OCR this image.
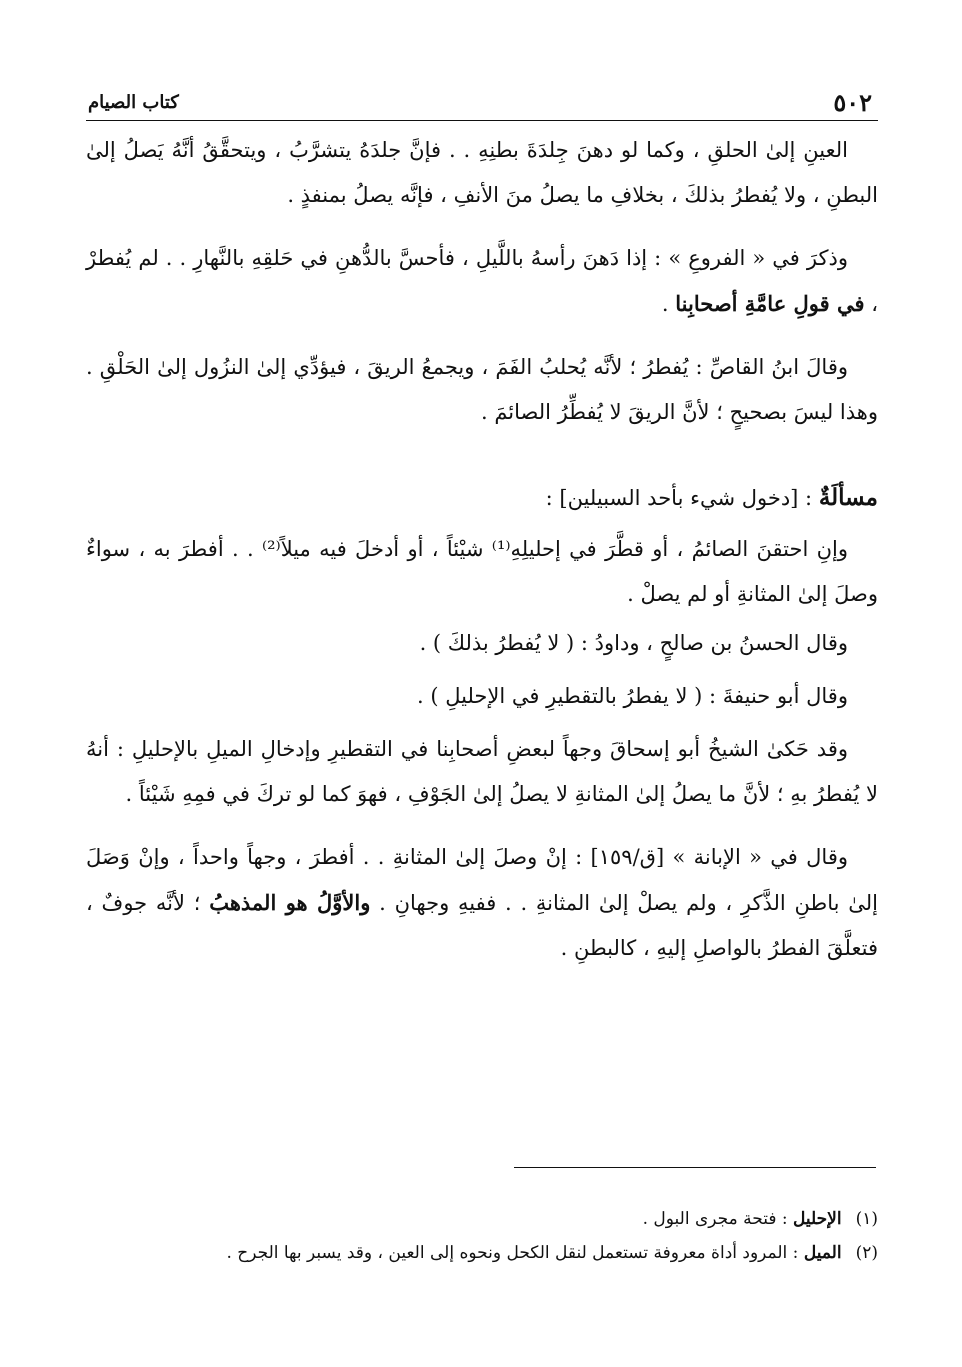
٥٠٢
كتاب الصيام

العينِ إلىٰ الحلقِ ، وكما لو دهنَ جِلدَةَ بطنِهِ . . فإنَّ جلدَهُ يتشرَّبُ ، ويتحقَّقُ أنَّهُ يَصلُ إلىٰ البطنِ ، ولا يُفطرُ بذلكَ ، بخلافِ ما يصلُ منَ الأنفِ ، فإنَّه يصلُ بمنفذٍ .

وذكرَ في « الفروعِ » : إذا دَهنَ رأسهُ باللَّيلِ ، فأحسَّ بالدُّهنِ في حَلقِهِ بالنَّهارِ . . لم يُفطرْ ، في قولِ عامَّةِ أصحابِنا .

وقالَ ابنُ القاصِّ : يُفطرُ ؛ لأنَّه يُحلبُ الفَمَ ، ويجمعُ الريقَ ، فيؤدِّي إلىٰ النزُول إلىٰ الحَلْقِ . وهذا ليسَ بصحيحٍ ؛ لأنَّ الريقَ لا يُفطِّرُ الصائمَ .

مسألَةٌ : [دخول شيء بأحد السبيلين] :

وإنِ احتقنَ الصائمُ ، أو قطَّرَ في إحليلِهِ⁽¹⁾ شيْئاً ، أو أدخلَ فيه ميلاً⁽²⁾ . . أفطرَ به ، سواءٌ وصلَ إلىٰ المثانةِ أو لم يصلْ .

وقال الحسنُ بن صالحٍ ، وداودُ : ( لا يُفطرُ بذلكَ ) .

وقال أبو حنيفةَ : ( لا يفطرُ بالتقطيرِ في الإحليلِ ) .

وقد حَكىٰ الشيخُ أبو إسحاقَ وجهاً لبعضِ أصحابِنا في التقطيرِ وإدخالِ الميلِ بالإحليلِ : أنهُ لا يُفطرُ بهِ ؛ لأنَّ ما يصلُ إلىٰ المثانةِ لا يصلُ إلىٰ الجَوْفِ ، فهوَ كما لو تركَ في فمِهِ شَيْئاً .

وقال في « الإبانة » [ق/١٥٩] : إنْ وصلَ إلىٰ المثانةِ . . أفطرَ ، وجهاً واحداً ، وإنْ وَصَلَ إلىٰ باطنِ الذَّكرِ ، ولم يصلْ إلىٰ المثانةِ . . ففيهِ وجهانِ . والأوَّلُ هو المذهبُ ؛ لأنَّه جوفٌ ، فتعلَّقَ الفطرُ بالواصلِ إليهِ ، كالبطنِ .

(١)الإحليل : فتحة مجرى البول .

(٢)الميل : المرود أداة معروفة تستعمل لنقل الكحل ونحوه إلى العين ، وقد يسبر بها الجرح .
